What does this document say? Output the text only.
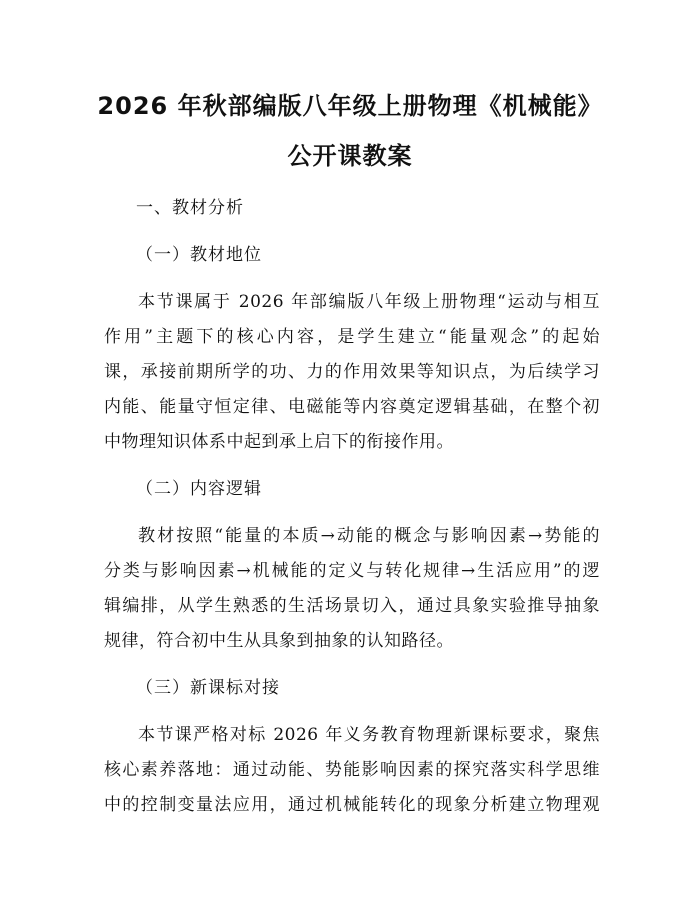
2026 年秋部编版八年级上册物理《机械能》
公开课教案
一、教材分析
（一）教材地位
本节课属于 2026 年部编版八年级上册物理“运动与相互
作用”主题下的核心内容，是学生建立“能量观念”的起始
课，承接前期所学的功、力的作用效果等知识点，为后续学习
内能、能量守恒定律、电磁能等内容奠定逻辑基础，在整个初
中物理知识体系中起到承上启下的衔接作用。
（二）内容逻辑
教材按照“能量的本质→动能的概念与影响因素→势能的
分类与影响因素→机械能的定义与转化规律→生活应用”的逻
辑编排，从学生熟悉的生活场景切入，通过具象实验推导抽象
规律，符合初中生从具象到抽象的认知路径。
（三）新课标对接
本节课严格对标 2026 年义务教育物理新课标要求，聚焦
核心素养落地：通过动能、势能影响因素的探究落实科学思维
中的控制变量法应用，通过机械能转化的现象分析建立物理观
